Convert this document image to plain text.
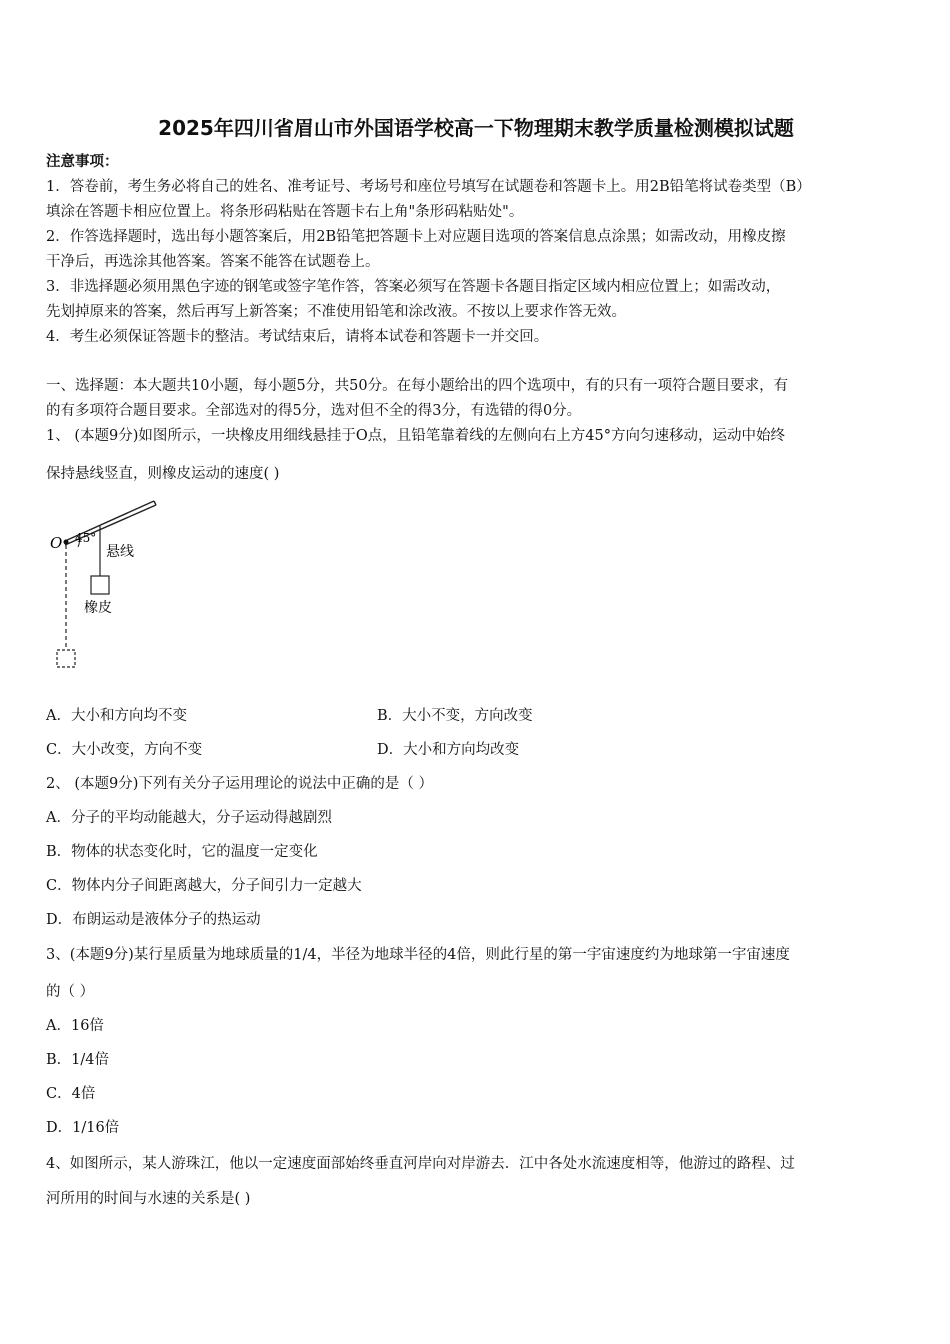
2025年四川省眉山市外国语学校高一下物理期末教学质量检测模拟试题
注意事项：
1．答卷前，考生务必将自己的姓名、准考证号、考场号和座位号填写在试题卷和答题卡上。用2B铅笔将试卷类型（B）
填涂在答题卡相应位置上。将条形码粘贴在答题卡右上角"条形码粘贴处"。
2．作答选择题时，选出每小题答案后，用2B铅笔把答题卡上对应题目选项的答案信息点涂黑；如需改动，用橡皮擦
干净后，再选涂其他答案。答案不能答在试题卷上。
3．非选择题必须用黑色字迹的钢笔或签字笔作答，答案必须写在答题卡各题目指定区域内相应位置上；如需改动，
先划掉原来的答案，然后再写上新答案；不准使用铅笔和涂改液。不按以上要求作答无效。
4．考生必须保证答题卡的整洁。考试结束后，请将本试卷和答题卡一并交回。
一、选择题：本大题共10小题，每小题5分，共50分。在每小题给出的四个选项中，有的只有一项符合题目要求，有
的有多项符合题目要求。全部选对的得5分，选对但不全的得3分，有选错的得0分。
1、 (本题9分)如图所示，一块橡皮用细线悬挂于O点，且铅笔靠着线的左侧向右上方45°方向匀速移动，运动中始终
保持悬线竖直，则橡皮运动的速度( )
O 45°
悬线
橡皮
A．大小和方向均不变	B．大小不变，方向改变
C．大小改变，方向不变	D．大小和方向均改变
2、 (本题9分)下列有关分子运用理论的说法中正确的是（ ）
A．分子的平均动能越大，分子运动得越剧烈
B．物体的状态变化时，它的温度一定变化
C．物体内分子间距离越大，分子间引力一定越大
D．布朗运动是液体分子的热运动
3、(本题9分)某行星质量为地球质量的1/4，半径为地球半径的4倍，则此行星的第一宇宙速度约为地球第一宇宙速度
的（ ）
A．16倍
B．1/4倍
C．4倍
D．1/16倍
4、如图所示，某人游珠江，他以一定速度面部始终垂直河岸向对岸游去．江中各处水流速度相等，他游过的路程、过
河所用的时间与水速的关系是( )
